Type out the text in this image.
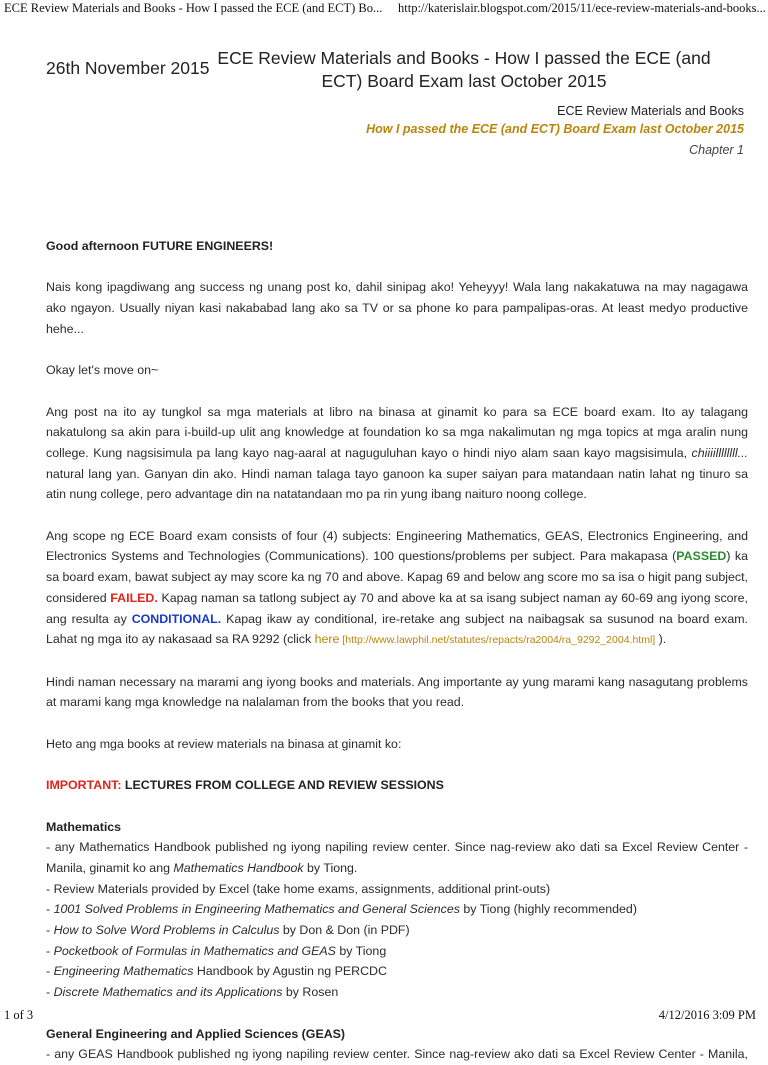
ECE Review Materials and Books - How I passed the ECE (and ECT) Bo... http://katerislair.blogspot.com/2015/11/ece-review-materials-and-books...
26th November 2015 ECE Review Materials and Books - How I passed the ECE (and ECT) Board Exam last October 2015
ECE Review Materials and Books
How I passed the ECE (and ECT) Board Exam last October 2015
Chapter 1

Good afternoon FUTURE ENGINEERS!

Nais kong ipagdiwang ang success ng unang post ko, dahil sinipag ako! Yeheyyy! Wala lang nakakatuwa na may nagagawa ako ngayon. Usually niyan kasi nakababad lang ako sa TV or sa phone ko para pampalipas-oras. At least medyo productive hehe...

Okay let's move on~

Ang post na ito ay tungkol sa mga materials at libro na binasa at ginamit ko para sa ECE board exam. Ito ay talagang nakatulong sa akin para i-build-up ulit ang knowledge at foundation ko sa mga nakalimutan ng mga topics at mga aralin nung college. Kung nagsisimula pa lang kayo nag-aaral at naguguluhan kayo o hindi niyo alam saan kayo magsisimula, chiiiillllllll... natural lang yan. Ganyan din ako. Hindi naman talaga tayo ganoon ka super saiyan para matandaan natin lahat ng tinuro sa atin nung college, pero advantage din na natatandaan mo pa rin yung ibang naituro noong college.

Ang scope ng ECE Board exam consists of four (4) subjects: Engineering Mathematics, GEAS, Electronics Engineering, and Electronics Systems and Technologies (Communications). 100 questions/problems per subject. Para makapasa (PASSED) ka sa board exam, bawat subject ay may score ka ng 70 and above. Kapag 69 and below ang score mo sa isa o higit pang subject, considered FAILED. Kapag naman sa tatlong subject ay 70 and above ka at sa isang subject naman ay 60-69 ang iyong score, ang resulta ay CONDITIONAL. Kapag ikaw ay conditional, ire-retake ang subject na naibagsak sa susunod na board exam. Lahat ng mga ito ay nakasaad sa RA 9292 (click here [http://www.lawphil.net/statutes/repacts/ra2004/ra_9292_2004.html] ).

Hindi naman necessary na marami ang iyong books and materials. Ang importante ay yung marami kang nasagutang problems at marami kang mga knowledge na nalalaman from the books that you read.

Heto ang mga books at review materials na binasa at ginamit ko:

IMPORTANT: LECTURES FROM COLLEGE AND REVIEW SESSIONS

Mathematics

- any Mathematics Handbook published ng iyong napiling review center. Since nag-review ako dati sa Excel Review Center - Manila, ginamit ko ang Mathematics Handbook by Tiong.

- Review Materials provided by Excel (take home exams, assignments, additional print-outs)

- 1001 Solved Problems in Engineering Mathematics and General Sciences by Tiong (highly recommended)

- How to Solve Word Problems in Calculus by Don & Don (in PDF)

- Pocketbook of Formulas in Mathematics and GEAS by Tiong

- Engineering Mathematics Handbook by Agustin ng PERCDC

- Discrete Mathematics and its Applications by Rosen

General Engineering and Applied Sciences (GEAS)

- any GEAS Handbook published ng iyong napiling review center. Since nag-review ako dati sa Excel Review Center - Manila,

1 of 3	4/12/2016 3:09 PM
